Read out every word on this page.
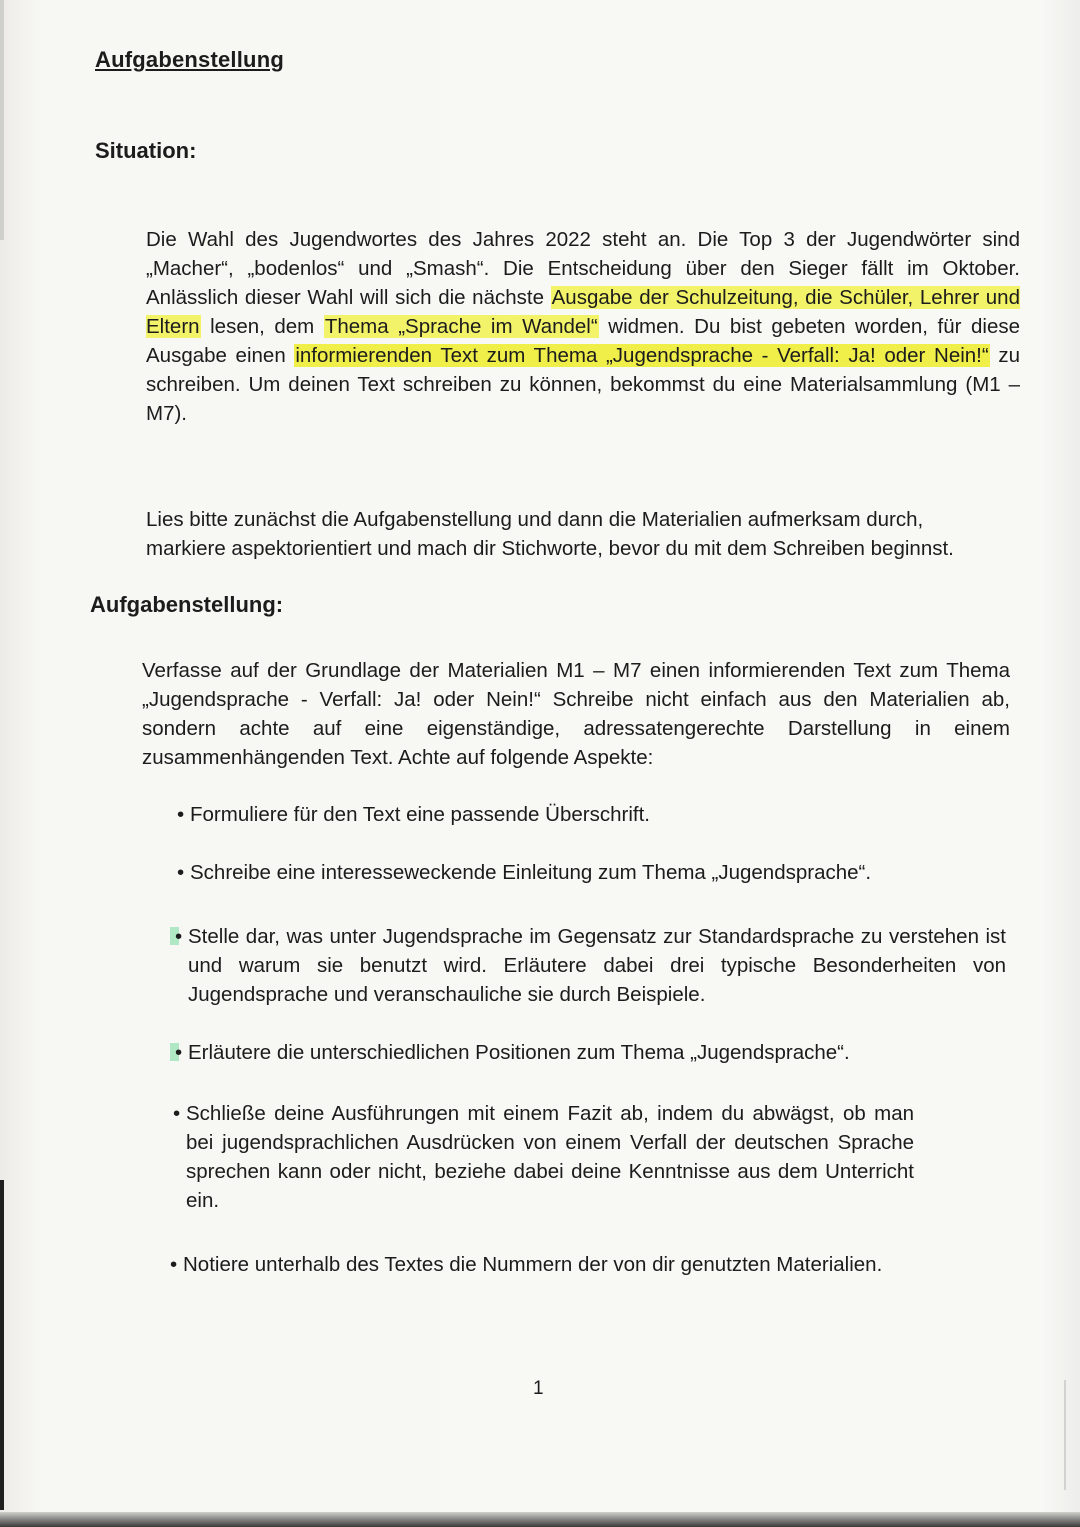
Aufgabenstellung
Situation:
Die Wahl des Jugendwortes des Jahres 2022 steht an. Die Top 3 der Jugendwörter sind „Macher“, „bodenlos“ und „Smash“. Die Entscheidung über den Sieger fällt im Oktober. Anlässlich dieser Wahl will sich die nächste Ausgabe der Schulzeitung, die Schüler, Lehrer und Eltern lesen, dem Thema „Sprache im Wandel“ widmen. Du bist gebeten worden, für diese Ausgabe einen informierenden Text zum Thema „Jugendsprache - Verfall: Ja! oder Nein!“ zu schreiben. Um deinen Text schreiben zu können, bekommst du eine Materialsammlung (M1 – M7).
Lies bitte zunächst die Aufgabenstellung und dann die Materialien aufmerksam durch, markiere aspektorientiert und mach dir Stichworte, bevor du mit dem Schreiben beginnst.
Aufgabenstellung:
Verfasse auf der Grundlage der Materialien M1 – M7 einen informierenden Text zum Thema „Jugendsprache - Verfall: Ja! oder Nein!“ Schreibe nicht einfach aus den Materialien ab, sondern achte auf eine eigenständige, adressatengerechte Darstellung in einem zusammenhängenden Text. Achte auf folgende Aspekte:
• Formuliere für den Text eine passende Überschrift.
• Schreibe eine interesseweckende Einleitung zum Thema „Jugendsprache“.
• Stelle dar, was unter Jugendsprache im Gegensatz zur Standardsprache zu verstehen ist und warum sie benutzt wird. Erläutere dabei drei typische Besonderheiten von Jugendsprache und veranschauliche sie durch Beispiele.
• Erläutere die unterschiedlichen Positionen zum Thema „Jugendsprache“.
• Schließe deine Ausführungen mit einem Fazit ab, indem du abwägst, ob man bei jugendsprachlichen Ausdrücken von einem Verfall der deutschen Sprache sprechen kann oder nicht, beziehe dabei deine Kenntnisse aus dem Unterricht ein.
• Notiere unterhalb des Textes die Nummern der von dir genutzten Materialien.
1
